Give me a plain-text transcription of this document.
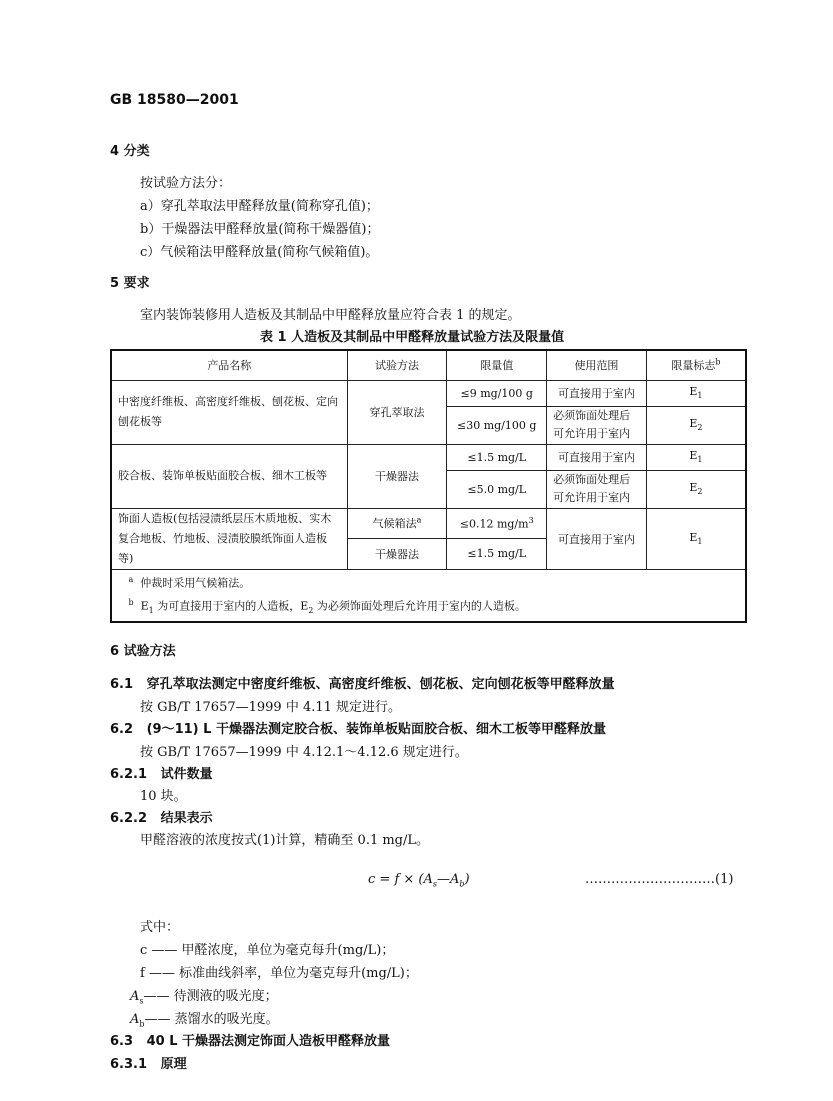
GB 18580—2001
4 分类
按试验方法分：
a）穿孔萃取法甲醛释放量(简称穿孔值)；
b）干燥器法甲醛释放量(简称干燥器值)；
c）气候箱法甲醛释放量(简称气候箱值)。
5 要求
室内装饰装修用人造板及其制品中甲醛释放量应符合表 1 的规定。
表 1 人造板及其制品中甲醛释放量试验方法及限量值
产品名称	试验方法	限量值	使用范围	限量标志$^b$
中密度纤维板、高密度纤维板、刨花板、定向刨花板等	穿孔萃取法	≤9 mg/100 g	可直接用于室内	$E_1$
		≤30 mg/100 g	必须饰面处理后可允许用于室内	$E_2$
胶合板、装饰单板贴面胶合板、细木工板等	干燥器法	≤1.5 mg/L	可直接用于室内	$E_1$
		≤5.0 mg/L	必须饰面处理后可允许用于室内	$E_2$
饰面人造板(包括浸渍纸层压木质地板、实木复合地板、竹地板、浸渍胶膜纸饰面人造板等)	气候箱法$^a$	≤0.12 $mg/m^3$	可直接用于室内	$E_1$
	干燥器法	≤1.5 mg/L		

$^a$ 仲裁时采用气候箱法。
$^b$ $E_1$ 为可直接用于室内的人造板，$E_2$ 为必须饰面处理后允许用于室内的人造板。				
6 试验方法
6.1 穿孔萃取法测定中密度纤维板、高密度纤维板、刨花板、定向刨花板等甲醛释放量
按 GB/T 17657—1999 中 4.11 规定进行。
6.2 (9～11) L 干燥器法测定胶合板、装饰单板贴面胶合板、细木工板等甲醛释放量
按 GB/T 17657—1999 中 4.12.1～4.12.6 规定进行。
6.2.1 试件数量
10 块。
6.2.2 结果表示
甲醛溶液的浓度按式(1)计算，精确至 0.1 mg/L。
$c = f \times (A_s—A_b)$	…………………………(1)
式中：
c —— 甲醛浓度，单位为毫克每升(mg/L)；
f —— 标准曲线斜率，单位为毫克每升(mg/L)；
$A_s——$ 待测液的吸光度；
$A_b——$ 蒸馏水的吸光度。
6.3 40 L 干燥器法测定饰面人造板甲醛释放量
6.3.1 原理
